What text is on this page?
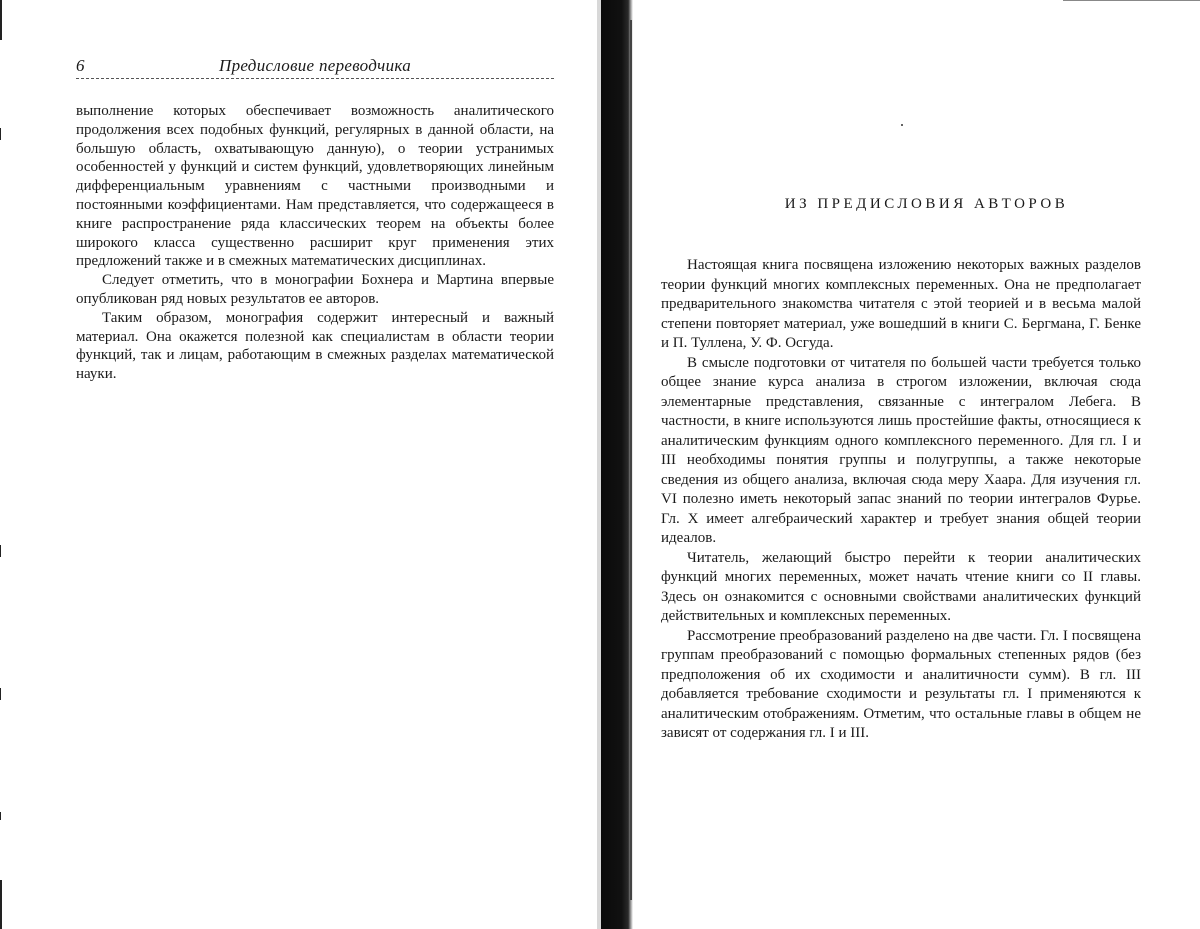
6	Предисловие переводчика

выполнение которых обеспечивает возможность аналитического продолжения всех подобных функций, регулярных в данной области, на большую область, охватывающую данную), о теории устранимых особенностей у функций и систем функций, удовлетворяющих линейным дифференциальным уравнениям с частными производными и постоянными коэффициентами. Нам представляется, что содержащееся в книге распространение ряда классических теорем на объекты более широкого класса существенно расширит круг применения этих предложений также и в смежных математических дисциплинах.

Следует отметить, что в монографии Бохнера и Мартина впервые опубликован ряд новых результатов ее авторов.

Таким образом, монография содержит интересный и важный материал. Она окажется полезной как специалистам в области теории функций, так и лицам, работающим в смежных разделах математической науки.

ИЗ ПРЕДИСЛОВИЯ АВТОРОВ

Настоящая книга посвящена изложению некоторых важных разделов теории функций многих комплексных переменных. Она не предполагает предварительного знакомства читателя с этой теорией и в весьма малой степени повторяет материал, уже вошедший в книги С. Бергмана, Г. Бенке и П. Туллена, У. Ф. Осгуда.

В смысле подготовки от читателя по большей части требуется только общее знание курса анализа в строгом изложении, включая сюда элементарные представления, связанные с интегралом Лебега. В частности, в книге используются лишь простейшие факты, относящиеся к аналитическим функциям одного комплексного переменного. Для гл. I и III необходимы понятия группы и полугруппы, а также некоторые сведения из общего анализа, включая сюда меру Хаара. Для изучения гл. VI полезно иметь некоторый запас знаний по теории интегралов Фурье. Гл. X имеет алгебраический характер и требует знания общей теории идеалов.

Читатель, желающий быстро перейти к теории аналитических функций многих переменных, может начать чтение книги со II главы. Здесь он ознакомится с основными свойствами аналитических функций действительных и комплексных переменных.

Рассмотрение преобразований разделено на две части. Гл. I посвящена группам преобразований с помощью формальных степенных рядов (без предположения об их сходимости и аналитичности сумм). В гл. III добавляется требование сходимости и результаты гл. I применяются к аналитическим отображениям. Отметим, что остальные главы в общем не зависят от содержания гл. I и III.
